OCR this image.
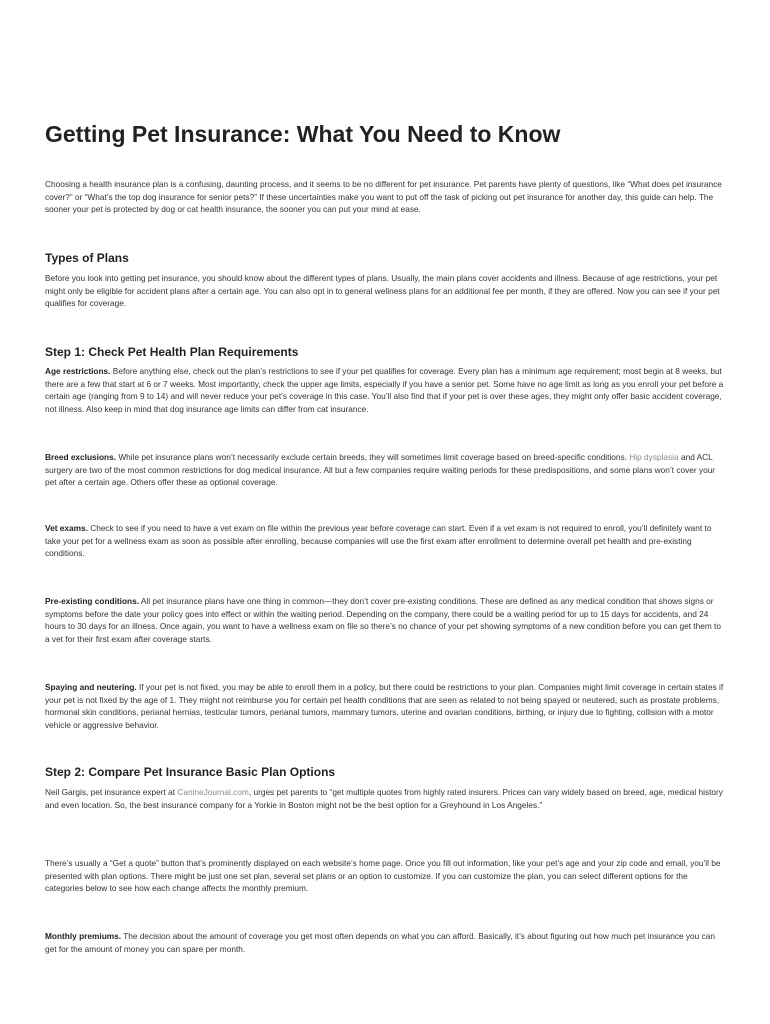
Getting Pet Insurance: What You Need to Know

Choosing a health insurance plan is a confusing, daunting process, and it seems to be no different for pet insurance. Pet parents have plenty of questions, like “What does pet insurance cover?” or “What’s the top dog insurance for senior pets?” If these uncertainties make you want to put off the task of picking out pet insurance for another day, this guide can help. The sooner your pet is protected by dog or cat health insurance, the sooner you can put your mind at ease.

Types of Plans

Before you look into getting pet insurance, you should know about the different types of plans. Usually, the main plans cover accidents and illness. Because of age restrictions, your pet might only be eligible for accident plans after a certain age. You can also opt in to general wellness plans for an additional fee per month, if they are offered. Now you can see if your pet qualifies for coverage.

Step 1: Check Pet Health Plan Requirements

Age restrictions. Before anything else, check out the plan’s restrictions to see if your pet qualifies for coverage. Every plan has a minimum age requirement; most begin at 8 weeks, but there are a few that start at 6 or 7 weeks. Most importantly, check the upper age limits, especially if you have a senior pet. Some have no age limit as long as you enroll your pet before a certain age (ranging from 9 to 14) and will never reduce your pet’s coverage in this case. You’ll also find that if your pet is over these ages, they might only offer basic accident coverage, not illness. Also keep in mind that dog insurance age limits can differ from cat insurance.

Breed exclusions. While pet insurance plans won’t necessarily exclude certain breeds, they will sometimes limit coverage based on breed-specific conditions. Hip dysplasia and ACL surgery are two of the most common restrictions for dog medical insurance. All but a few companies require waiting periods for these predispositions, and some plans won’t cover your pet after a certain age. Others offer these as optional coverage.

Vet exams. Check to see if you need to have a vet exam on file within the previous year before coverage can start. Even if a vet exam is not required to enroll, you’ll definitely want to take your pet for a wellness exam as soon as possible after enrolling, because companies will use the first exam after enrollment to determine overall pet health and pre-existing conditions.

Pre-existing conditions. All pet insurance plans have one thing in common—they don’t cover pre-existing conditions. These are defined as any medical condition that shows signs or symptoms before the date your policy goes into effect or within the waiting period. Depending on the company, there could be a waiting period for up to 15 days for accidents, and 24 hours to 30 days for an illness. Once again, you want to have a wellness exam on file so there’s no chance of your pet showing symptoms of a new condition before you can get them to a vet for their first exam after coverage starts.

Spaying and neutering. If your pet is not fixed, you may be able to enroll them in a policy, but there could be restrictions to your plan. Companies might limit coverage in certain states if your pet is not fixed by the age of 1. They might not reimburse you for certain pet health conditions that are seen as related to not being spayed or neutered, such as prostate problems, hormonal skin conditions, perianal hernias, testicular tumors, perianal tumors, mammary tumors, uterine and ovarian conditions, birthing, or injury due to fighting, collision with a motor vehicle or aggressive behavior.

Step 2: Compare Pet Insurance Basic Plan Options

Neil Gargis, pet insurance expert at CanineJournal.com, urges pet parents to “get multiple quotes from highly rated insurers. Prices can vary widely based on breed, age, medical history and even location. So, the best insurance company for a Yorkie in Boston might not be the best option for a Greyhound in Los Angeles.”

There’s usually a “Get a quote” button that’s prominently displayed on each website’s home page. Once you fill out information, like your pet’s age and your zip code and email, you’ll be presented with plan options. There might be just one set plan, several set plans or an option to customize. If you can customize the plan, you can select different options for the categories below to see how each change affects the monthly premium.

Monthly premiums. The decision about the amount of coverage you get most often depends on what you can afford. Basically, it’s about figuring out how much pet insurance you can get for the amount of money you can spare per month.
